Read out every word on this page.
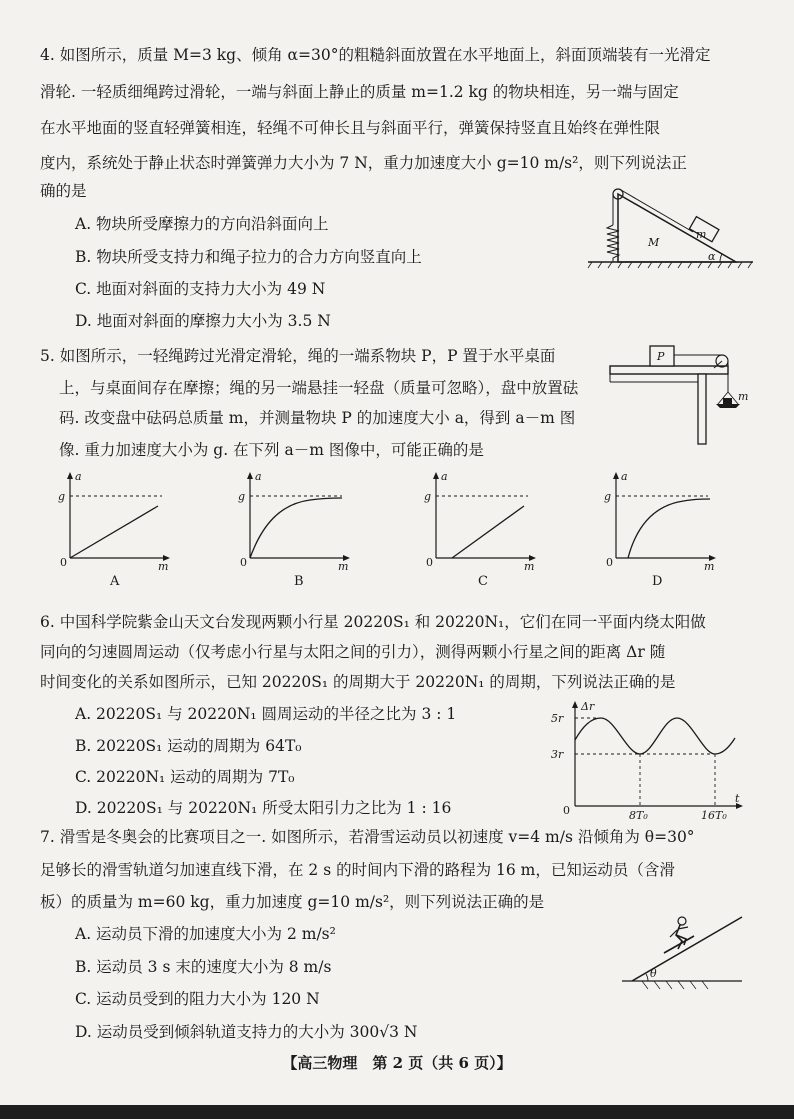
4. 如图所示，质量 M=3 kg、倾角 α=30°的粗糙斜面放置在水平地面上，斜面顶端装有一光滑定
滑轮. 一轻质细绳跨过滑轮，一端与斜面上静止的质量 m=1.2 kg 的物块相连，另一端与固定
在水平地面的竖直轻弹簧相连，轻绳不可伸长且与斜面平行，弹簧保持竖直且始终在弹性限
度内，系统处于静止状态时弹簧弹力大小为 7 N，重力加速度大小 g=10 m/s²，则下列说法正
确的是
A. 物块所受摩擦力的方向沿斜面向上
B. 物块所受支持力和绳子拉力的合力方向竖直向上
C. 地面对斜面的支持力大小为 49 N
D. 地面对斜面的摩擦力大小为 3.5 N
m
M
α
5. 如图所示，一轻绳跨过光滑定滑轮，绳的一端系物块 P，P 置于水平桌面
上，与桌面间存在摩擦；绳的另一端悬挂一轻盘（质量可忽略），盘中放置砝
码. 改变盘中砝码总质量 m，并测量物块 P 的加速度大小 a，得到 a－m 图
像. 重力加速度大小为 g. 在下列 a－m 图像中，可能正确的是
P
m
a
m
g
0
A
a
m
g
0
B
a
m
g
0
C
a
m
g
0
D
6. 中国科学院紫金山天文台发现两颗小行星 20220S₁ 和 20220N₁，它们在同一平面内绕太阳做
同向的匀速圆周运动（仅考虑小行星与太阳之间的引力），测得两颗小行星之间的距离 Δr 随
时间变化的关系如图所示，已知 20220S₁ 的周期大于 20220N₁ 的周期，下列说法正确的是
A. 20220S₁ 与 20220N₁ 圆周运动的半径之比为 3 : 1
B. 20220S₁ 运动的周期为 64T₀
C. 20220N₁ 运动的周期为 7T₀
D. 20220S₁ 与 20220N₁ 所受太阳引力之比为 1 : 16
Δr
t
5r
3r
0	8T₀	16T₀
7. 滑雪是冬奥会的比赛项目之一. 如图所示，若滑雪运动员以初速度 v=4 m/s 沿倾角为 θ=30°
足够长的滑雪轨道匀加速直线下滑，在 2 s 的时间内下滑的路程为 16 m，已知运动员（含滑
板）的质量为 m=60 kg，重力加速度 g=10 m/s²，则下列说法正确的是
A. 运动员下滑的加速度大小为 2 m/s²
B. 运动员 3 s 末的速度大小为 8 m/s
C. 运动员受到的阻力大小为 120 N
D. 运动员受到倾斜轨道支持力的大小为 300√3 N
θ
【高三物理　第 2 页（共 6 页）】
